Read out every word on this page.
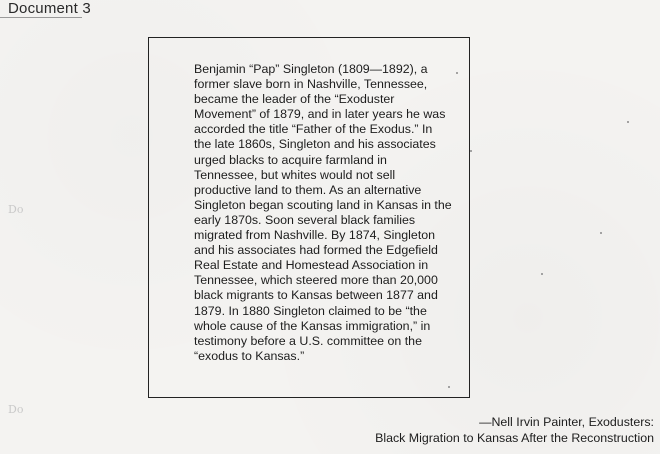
Document 3
Do
Do

Benjamin “Pap” Singleton (1809—1892), a former slave born in Nashville, Tennessee, became the leader of the “Exoduster Movement” of 1879, and in later years he was accorded the title “Father of the Exodus.” In the late 1860s, Singleton and his associates urged blacks to acquire farmland in Tennessee, but whites would not sell productive land to them. As an alternative Singleton began scouting land in Kansas in the early 1870s. Soon several black families migrated from Nashville. By 1874, Singleton and his associates had formed the Edgefield Real Estate and Homestead Association in Tennessee, which steered more than 20,000 black migrants to Kansas between 1877 and 1879. In 1880 Singleton claimed to be “the whole cause of the Kansas immigration,” in testimony before a U.S. committee on the “exodus to Kansas.”

—Nell Irvin Painter, Exodusters:
Black Migration to Kansas After the Reconstruction
